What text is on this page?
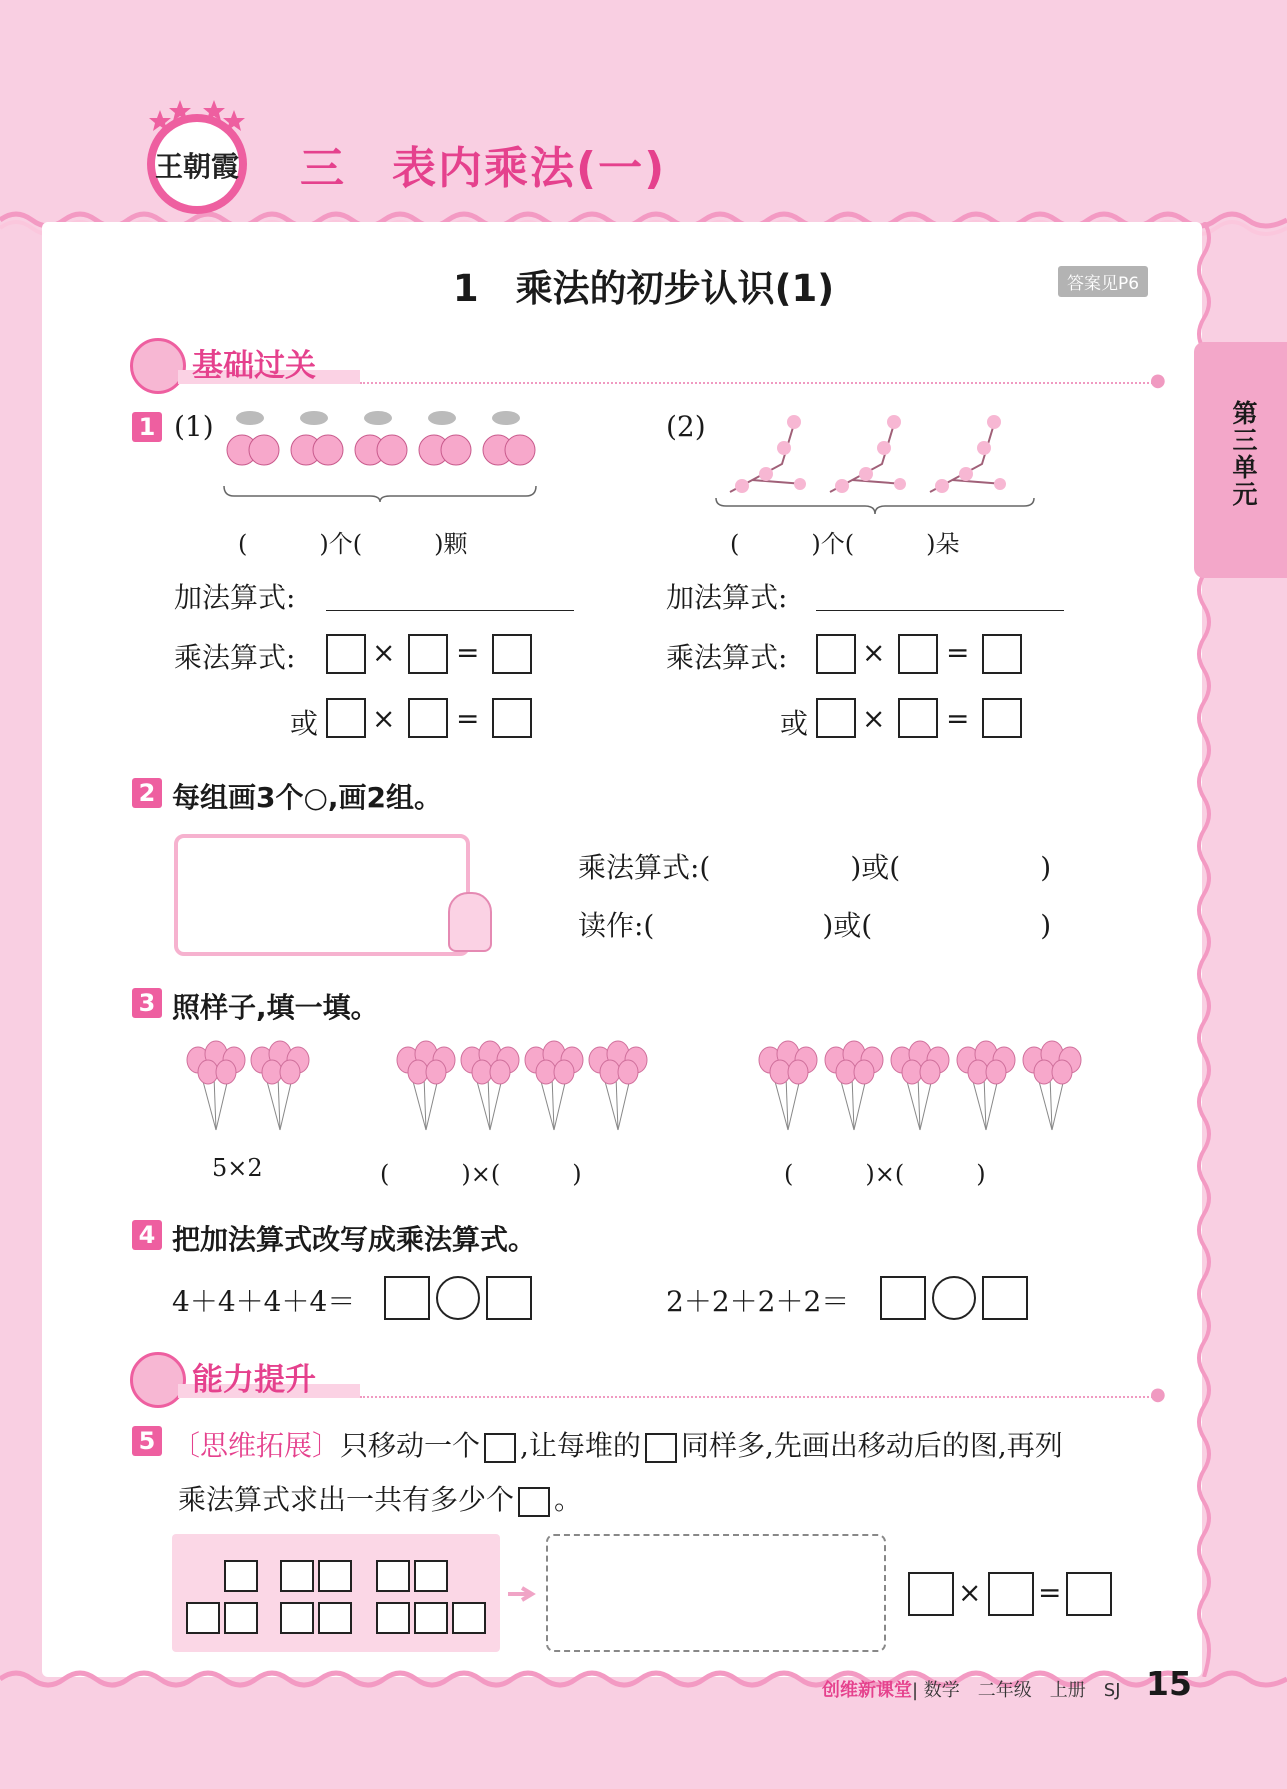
王朝霞 三　表内乘法(一)
1　乘法的初步认识(1)	答案见P6
第三单元
基础过关	●
1 (1)
(　　　)个(　　　)颗
(2)
(　　　)个(　　　)朵
加法算式:
乘法算式:	× =
或 × =
加法算式:
乘法算式:	× =
或 × =
2 每组画3个○,画2组。
乘法算式:(　　　　　)或(　　　　　)
读作:(　　　　　　)或(　　　　　　)
3 照样子,填一填。
5×2	(　　　)×(　　　)	(　　　)×(　　　)
4 把加法算式改写成乘法算式。
4＋4＋4＋4＝	2＋2＋2＋2＝
能力提升	●
5 〔思维拓展〕只移动一个 ,让每堆的 同样多,先画出移动后的图,再列
乘法算式求出一共有多少个 。
× =
创维新课堂| 数学　二年级　上册　SJ 15
